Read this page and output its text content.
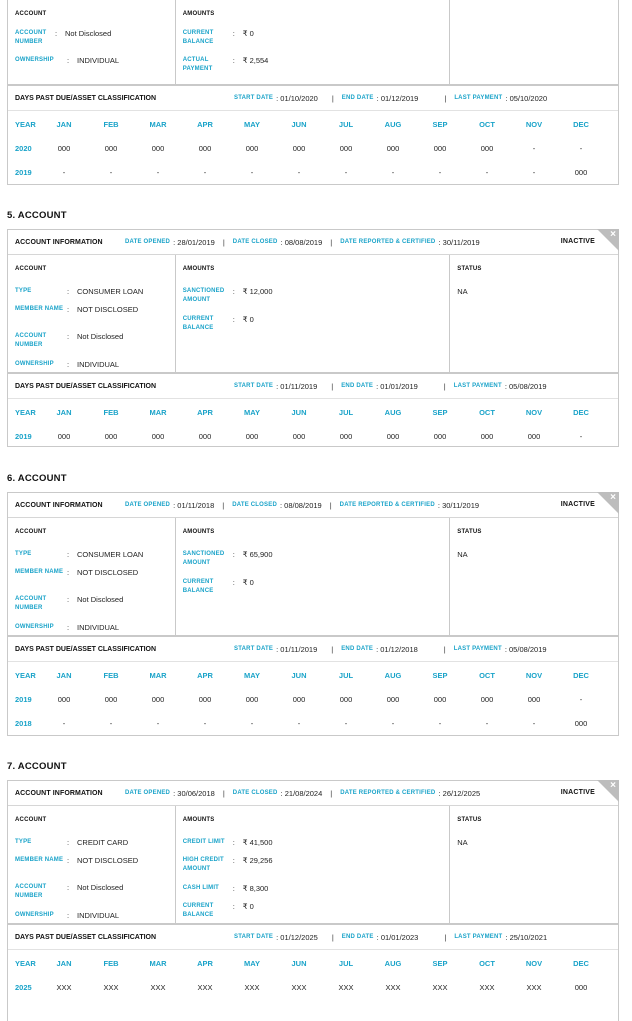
ACCOUNT
ACCOUNT NUMBER
:	Not Disclosed
OWNERSHIP	:	INDIVIDUAL
AMOUNTS
CURRENT BALANCE
:	₹ 0
ACTUAL PAYMENT
:	₹ 2,554
DAYS PAST DUE/ASSET CLASSIFICATION	START DATE :
01/10/2020 | END DATE :
01/12/2019	| LAST PAYMENT :
05/10/2020
YEAR	JAN	FEB	MAR	APR	MAY	JUN	JUL	AUG	SEP	OCT	NOV	DEC
2020	000	000	000	000	000	000	000	000	000	000	-	-
2019	-	-	-	-	-	-	-	-	-	-	-	000
5. ACCOUNT
ACCOUNT INFORMATION	DATE OPENED :
28/01/2019 | DATE CLOSED :
08/08/2019 | DATE REPORTED & CERTIFIED :
30/11/2019	INACTIVE
×
ACCOUNT
TYPE	:	CONSUMER LOAN
MEMBER NAME :	NOT DISCLOSED
ACCOUNT NUMBER
:	Not Disclosed
OWNERSHIP	:	INDIVIDUAL
AMOUNTS
SANCTIONED AMOUNT
:	₹ 12,000
CURRENT BALANCE
:	₹ 0
STATUS
NA
DAYS PAST DUE/ASSET CLASSIFICATION	START DATE :
01/11/2019 | END DATE :
01/01/2019	| LAST PAYMENT :
05/08/2019
YEAR	JAN	FEB	MAR	APR	MAY	JUN	JUL	AUG	SEP	OCT	NOV	DEC
2019	000	000	000	000	000	000	000	000	000	000	000	-
6. ACCOUNT
ACCOUNT INFORMATION	DATE OPENED :
01/11/2018 | DATE CLOSED :
08/08/2019 | DATE REPORTED & CERTIFIED :
30/11/2019	INACTIVE
×
ACCOUNT
TYPE	:	CONSUMER LOAN
MEMBER NAME :	NOT DISCLOSED
ACCOUNT NUMBER
:	Not Disclosed
OWNERSHIP	:	INDIVIDUAL
AMOUNTS
SANCTIONED AMOUNT
:	₹ 65,900
CURRENT BALANCE
:	₹ 0
STATUS
NA
DAYS PAST DUE/ASSET CLASSIFICATION	START DATE :
01/11/2019 | END DATE :
01/12/2018	| LAST PAYMENT :
05/08/2019
YEAR	JAN	FEB	MAR	APR	MAY	JUN	JUL	AUG	SEP	OCT	NOV	DEC
2019	000	000	000	000	000	000	000	000	000	000	000	-
2018	-	-	-	-	-	-	-	-	-	-	-	000
7. ACCOUNT
ACCOUNT INFORMATION	DATE OPENED :
30/06/2018 | DATE CLOSED :
21/08/2024 | DATE REPORTED & CERTIFIED :
26/12/2025	INACTIVE
×
ACCOUNT
TYPE	:	CREDIT CARD
MEMBER NAME :	NOT DISCLOSED
ACCOUNT NUMBER
:	Not Disclosed
OWNERSHIP	:	INDIVIDUAL
AMOUNTS
CREDIT LIMIT	:	₹ 41,500
HIGH CREDIT AMOUNT
:	₹ 29,256
CASH LIMIT	:	₹ 8,300
CURRENT BALANCE
:	₹ 0
STATUS
NA
DAYS PAST DUE/ASSET CLASSIFICATION	START DATE :
01/12/2025 | END DATE :
01/01/2023	| LAST PAYMENT :
25/10/2021
YEAR	JAN	FEB	MAR	APR	MAY	JUN	JUL	AUG	SEP	OCT	NOV	DEC
2025	XXX	XXX	XXX	XXX	XXX	XXX	XXX	XXX	XXX	XXX	XXX	000
